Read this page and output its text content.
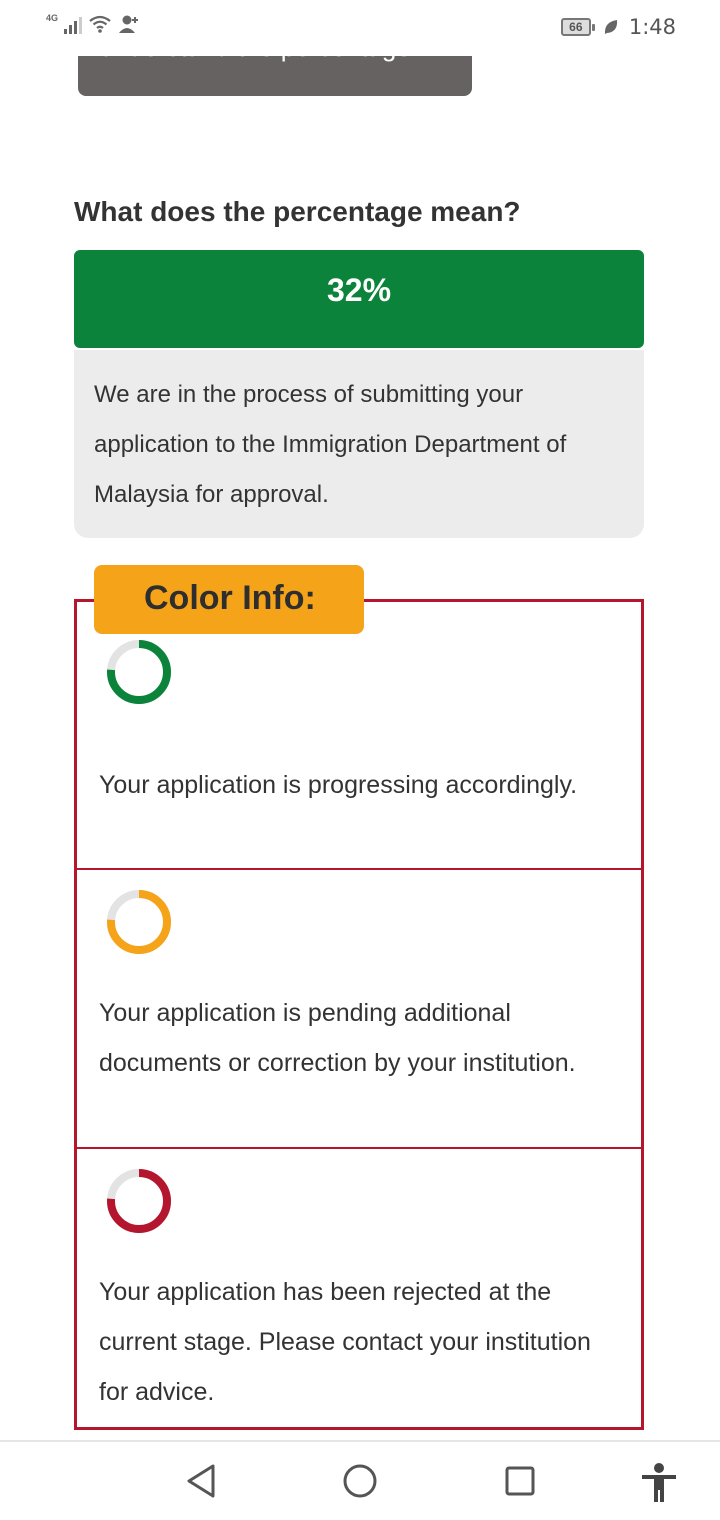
4G
66	1:48
What does the percentage mean?
32%
We are in the process of submitting your application to the Immigration Department of Malaysia for approval.
Color Info:
Your application is progressing accordingly.
Your application is pending additional documents or correction by your institution.
Your application has been rejected at the current stage. Please contact your institution for advice.
